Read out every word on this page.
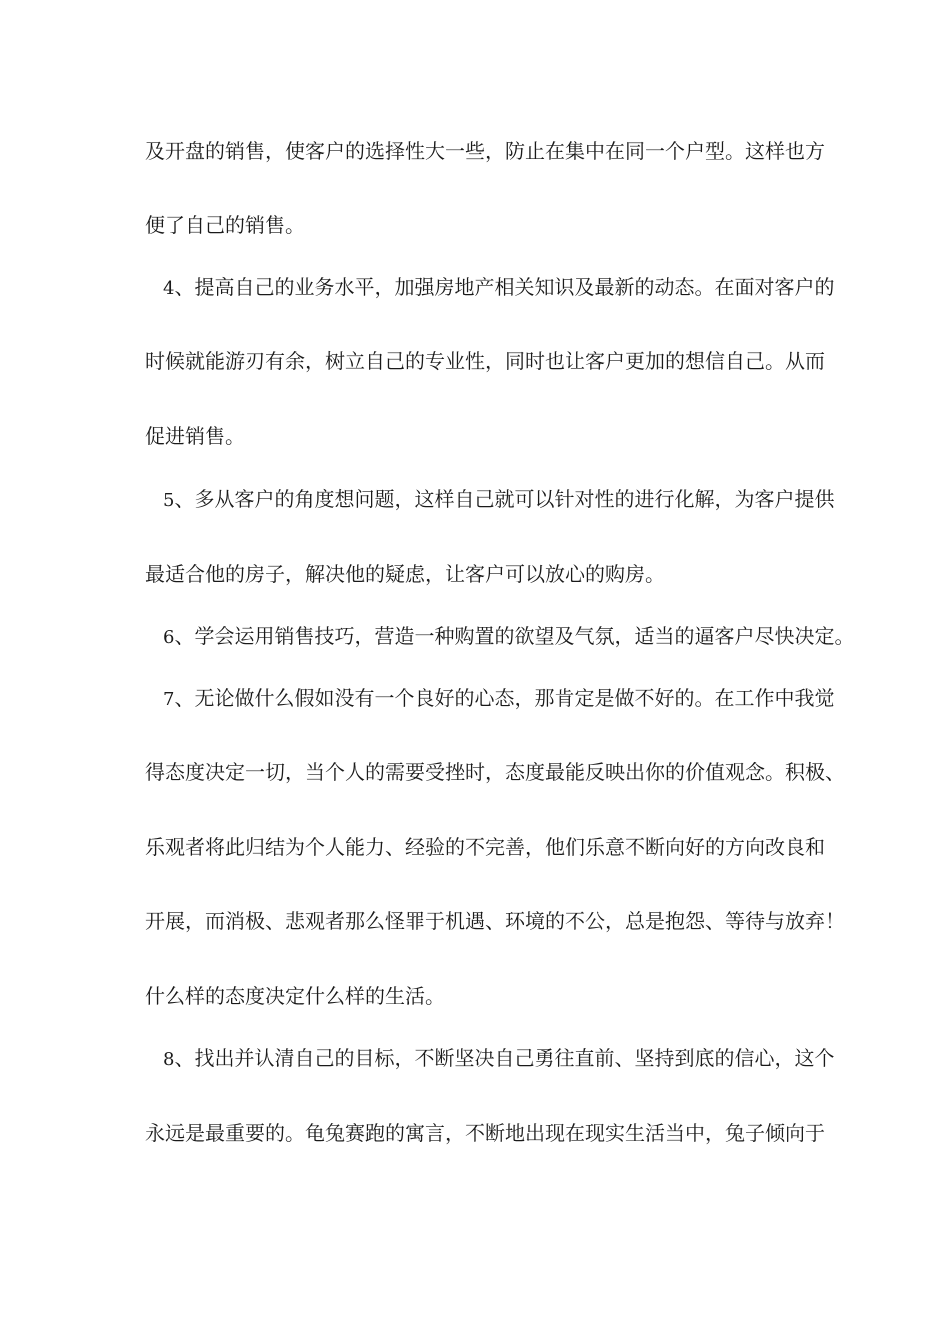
及开盘的销售，使客户的选择性大一些，防止在集中在同一个户型。这样也方
便了自己的销售。
4、提高自己的业务水平，加强房地产相关知识及最新的动态。在面对客户的
时候就能游刃有余，树立自己的专业性，同时也让客户更加的想信自己。从而
促进销售。
5、多从客户的角度想问题，这样自己就可以针对性的进行化解，为客户提供
最适合他的房子，解决他的疑虑，让客户可以放心的购房。
6、学会运用销售技巧，营造一种购置的欲望及气氛，适当的逼客户尽快决定。
7、无论做什么假如没有一个良好的心态，那肯定是做不好的。在工作中我觉
得态度决定一切，当个人的需要受挫时，态度最能反映出你的价值观念。积极、
乐观者将此归结为个人能力、经验的不完善，他们乐意不断向好的方向改良和
开展，而消极、悲观者那么怪罪于机遇、环境的不公，总是抱怨、等待与放弃！
什么样的态度决定什么样的生活。
8、找出并认清自己的目标，不断坚决自己勇往直前、坚持到底的信心，这个
永远是最重要的。龟兔赛跑的寓言，不断地出现在现实生活当中，兔子倾向于
